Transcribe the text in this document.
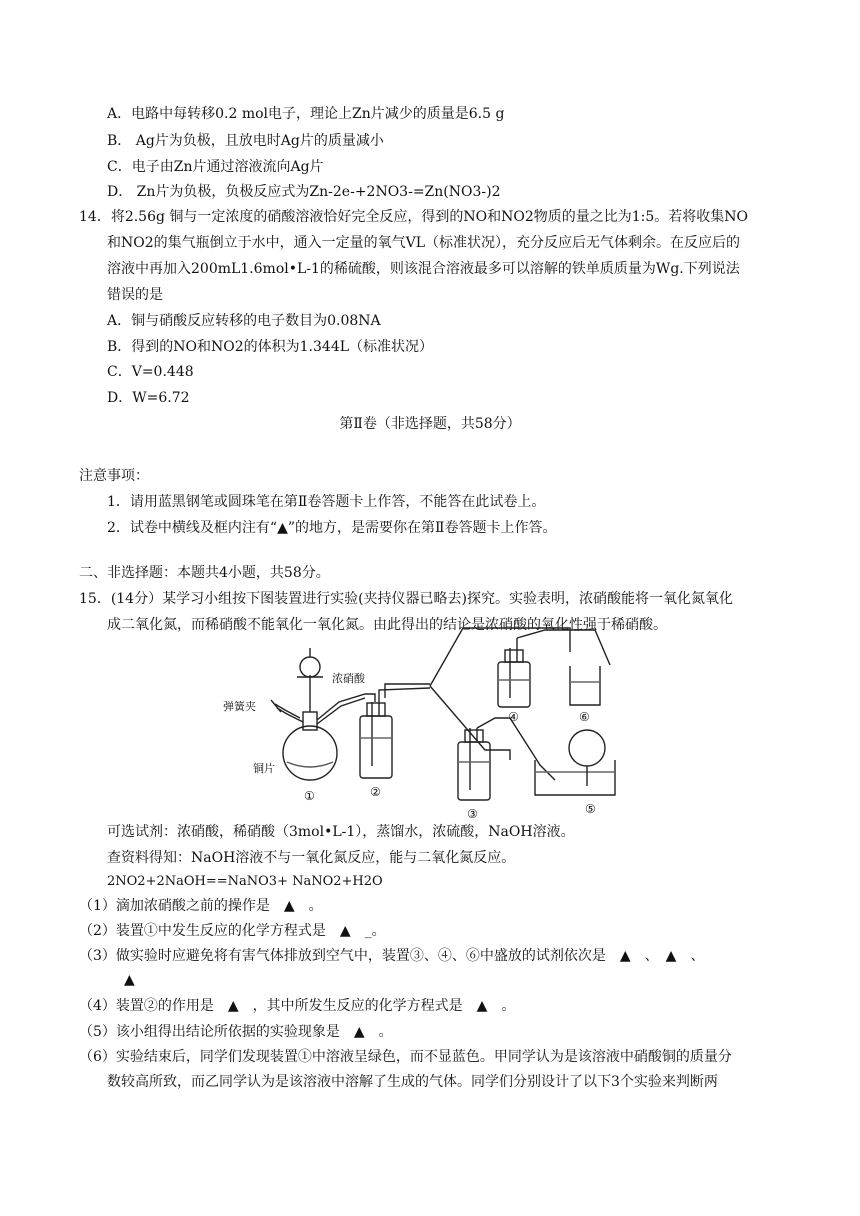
A．电路中每转移0.2 mol电子，理论上Zn片减少的质量是6.5 g
B． Ag片为负极，且放电时Ag片的质量减小
C．电子由Zn片通过溶液流向Ag片
D． Zn片为负极，负极反应式为Zn-2e-+2NO3-=Zn(NO3-)2
14．将2.56g 铜与一定浓度的硝酸溶液恰好完全反应，得到的NO和NO2物质的量之比为1:5。若将收集NO
和NO2的集气瓶倒立于水中，通入一定量的氧气VL（标准状况），充分反应后无气体剩余。在反应后的
溶液中再加入200mL1.6mol•L-1的稀硫酸，则该混合溶液最多可以溶解的铁单质质量为Wg.下列说法
错误的是
A．铜与硝酸反应转移的电子数目为0.08NA
B．得到的NO和NO2的体积为1.344L（标准状况）
C．V=0.448
D．W=6.72
第Ⅱ卷（非选择题，共58分）
注意事项：
1．请用蓝黑钢笔或圆珠笔在第Ⅱ卷答题卡上作答，不能答在此试卷上。
2．试卷中横线及框内注有“▲”的地方，是需要你在第Ⅱ卷答题卡上作答。
二、非选择题：本题共4小题，共58分。
15．(14分）某学习小组按下图装置进行实验(夹持仪器已略去)探究。实验表明，浓硝酸能将一氧化氮氧化
成二氧化氮，而稀硝酸不能氧化一氧化氮。由此得出的结论是浓硝酸的氧化性强于稀硝酸。
浓硝酸
弹簧夹
铜片
①	②
③
④
⑤
⑥
可选试剂：浓硝酸，稀硝酸（3mol•L-1），蒸馏水，浓硫酸，NaOH溶液。
查资料得知：NaOH溶液不与一氧化氮反应，能与二氧化氮反应。
2NO2+2NaOH==NaNO3+ NaNO2+H2O
（1）滴加浓硝酸之前的操作是　▲　。
（2）装置①中发生反应的化学方程式是　▲　_。
（3）做实验时应避免将有害气体排放到空气中，装置③、④、⑥中盛放的试剂依次是　▲　、　▲　、
▲
（4）装置②的作用是　▲　，其中所发生反应的化学方程式是　▲　。
（5）该小组得出结论所依据的实验现象是　▲　。
（6）实验结束后，同学们发现装置①中溶液呈绿色，而不显蓝色。甲同学认为是该溶液中硝酸铜的质量分
数较高所致，而乙同学认为是该溶液中溶解了生成的气体。同学们分别设计了以下3个实验来判断两
